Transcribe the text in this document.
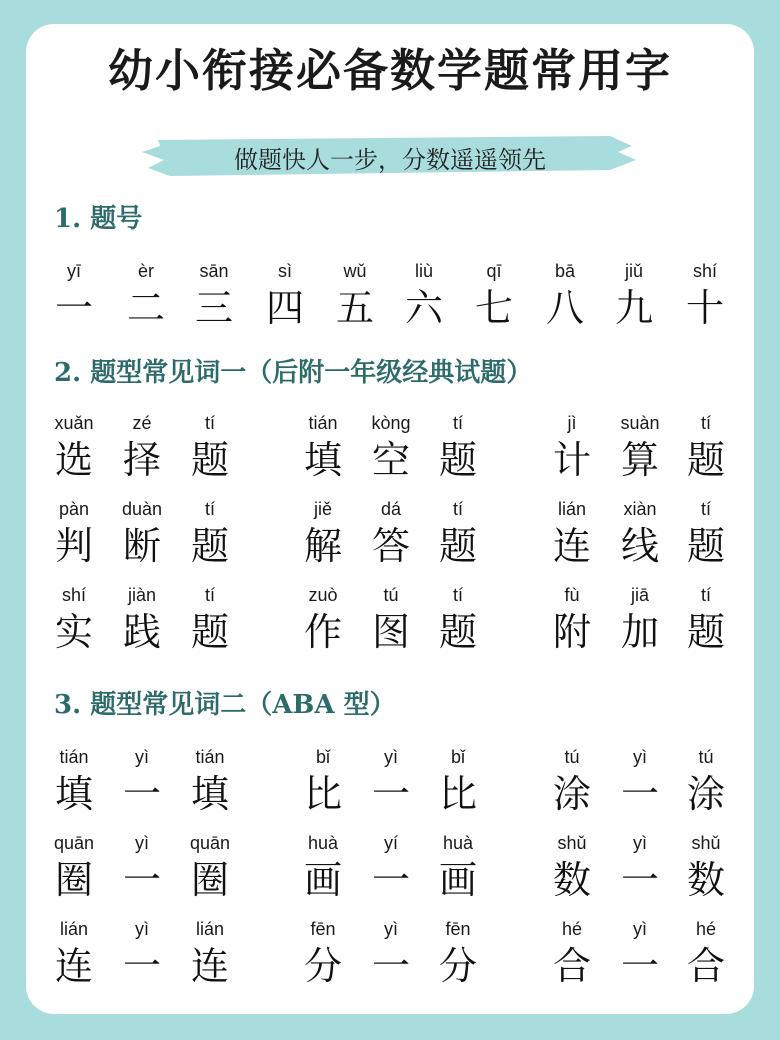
幼小衔接必备数学题常用字
做题快人一步，分数遥遥领先
1. 题号
2. 题型常见词一（后附一年级经典试题）
3. 题型常见词二（ABA 型）
yī
一
èr
二
sān
三
sì
四
wǔ
五
liù
六
qī
七
bā
八
jiǔ
九
shí
十
xuǎn
选
zé
择
tí
题
tián
填
kòng
空
tí
题
jì
计
suàn
算
tí
题
pàn
判
duàn
断
tí
题
jiě
解
dá
答
tí
题
lián
连
xiàn
线
tí
题
shí
实
jiàn
践
tí
题
zuò
作
tú
图
tí
题
fù
附
jiā
加
tí
题
tián
填
yì
一
tián
填
bǐ
比
yì
一
bǐ
比
tú
涂
yì
一
tú
涂
quān
圈
yì
一
quān
圈
huà
画
yí
一
huà
画
shǔ
数
yì
一
shǔ
数
lián
连
yì
一
lián
连
fēn
分
yì
一
fēn
分
hé
合
yì
一
hé
合
